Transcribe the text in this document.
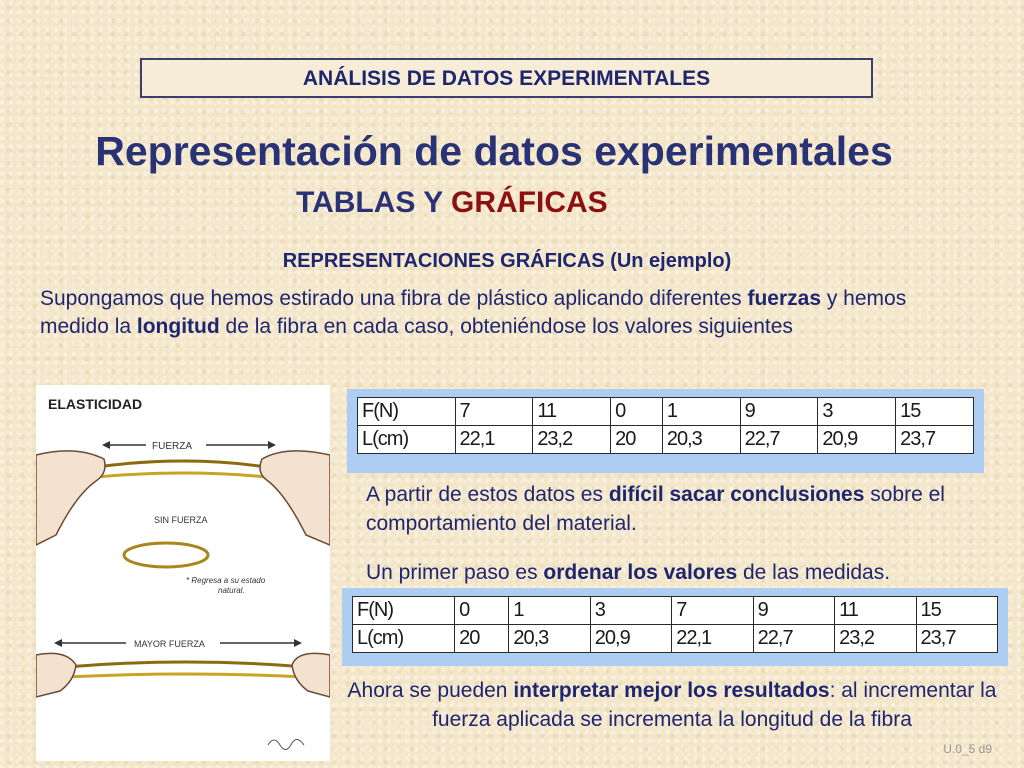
ANÁLISIS DE DATOS EXPERIMENTALES
Representación de datos experimentales
TABLAS Y GRÁFICAS
REPRESENTACIONES GRÁFICAS (Un ejemplo)
Supongamos que hemos estirado una fibra de plástico aplicando diferentes fuerzas y hemos medido la longitud de la fibra en cada caso, obteniéndose los valores siguientes
ELASTICIDAD
FUERZA
SIN FUERZA
* Regresa a su estado
natural.
MAYOR FUERZA
F(N)	7	11	0	1	9	3	15
L(cm)	22,1	23,2	20	20,3	22,7	20,9	23,7
A partir de estos datos es difícil sacar conclusiones sobre el comportamiento del material.
Un primer paso es ordenar los valores de las medidas.
F(N)	0	1	3	7	9	11	15
L(cm)	20	20,3	20,9	22,1	22,7	23,2	23,7
Ahora se pueden interpretar mejor los resultados: al incrementar la fuerza aplicada se incrementa la longitud de la fibra
U.0_5 d9
